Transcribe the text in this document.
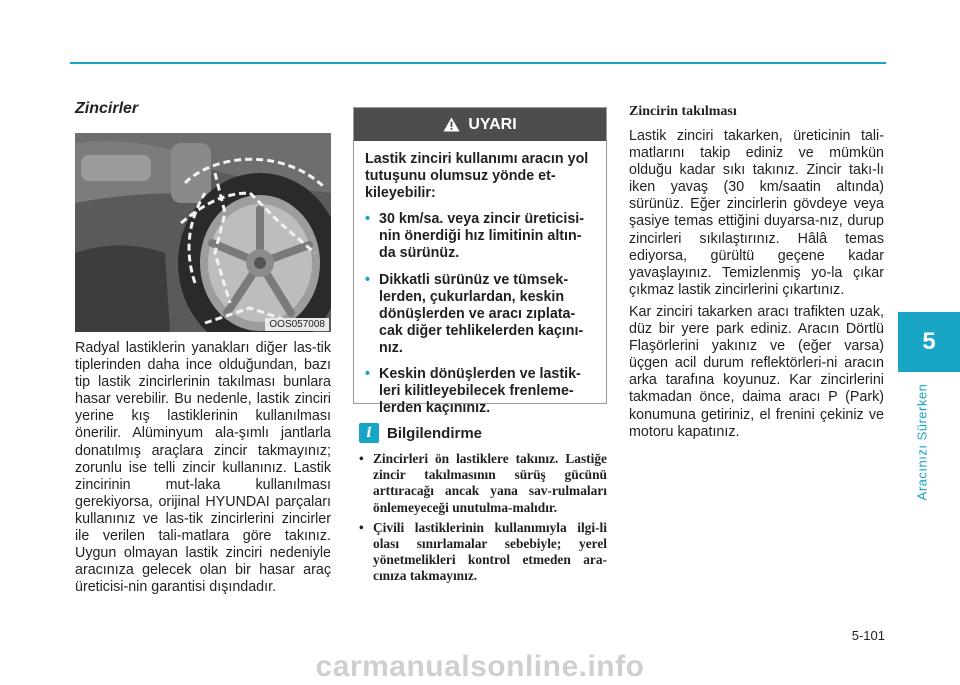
5
Aracınızı Sürerken
Zincirler
OOS057008

Radyal lastiklerin yanakları diğer las-tik tiplerinden daha ince olduğundan, bazı tip lastik zincirlerinin takılması bunlara hasar verebilir. Bu nedenle, lastik zinciri yerine kış lastiklerinin kullanılması önerilir. Alüminyum ala-şımlı jantlarla donatılmış araçlara zincir takmayınız; zorunlu ise telli zincir kullanınız. Lastik zincirinin mut-laka kullanılması gerekiyorsa, orijinal HYUNDAI parçaları kullanınız ve las-tik zincirlerini zincirler ile verilen tali-matlara göre takınız. Uygun olmayan lastik zinciri nedeniyle aracınıza gelecek olan bir hasar araç üreticisi-nin garantisi dışındadır.

UYARI

Lastik zinciri kullanımı aracın yol tutuşunu olumsuz yönde et-kileyebilir:

• 30 km/sa. veya zincir üreticisi-nin önerdiği hız limitinin altın-da sürünüz.
• Dikkatli sürünüz ve tümsek-lerden, çukurlardan, keskin dönüşlerden ve aracı zıplata-cak diğer tehlikelerden kaçını-nız.
• Keskin dönüşlerden ve lastik-leri kilitleyebilecek frenleme-lerden kaçınınız.
i	Bilgilendirme
• Zincirleri ön lastiklere takınız. Lastiğe zincir takılmasının sürüş gücünü arttıracağı ancak yana sav-rulmaları önlemeyeceği unutulma-malıdır.
• Çivili lastiklerinin kullanımıyla ilgi-li olası sınırlamalar sebebiyle; yerel yönetmelikleri kontrol etmeden ara-cınıza takmayınız.
Zincirin takılması

Lastik zinciri takarken, üreticinin tali-matlarını takip ediniz ve mümkün olduğu kadar sıkı takınız. Zincir takı-lı iken yavaş (30 km/saatin altında) sürünüz. Eğer zincirlerin gövdeye veya şasiye temas ettiğini duyarsa-nız, durup zincirleri sıkılaştırınız. Hâlâ temas ediyorsa, gürültü geçene kadar yavaşlayınız. Temizlenmiş yo-la çıkar çıkmaz lastik zincirlerini çıkartınız.

Kar zinciri takarken aracı trafikten uzak, düz bir yere park ediniz. Aracın Dörtlü Flaşörlerini yakınız ve (eğer varsa) üçgen acil durum reflektörleri-ni aracın arka tarafına koyunuz. Kar zincirlerini takmadan önce, daima aracı P (Park) konumuna getiriniz, el frenini çekiniz ve motoru kapatınız.

5-101
carmanualsonline.info
